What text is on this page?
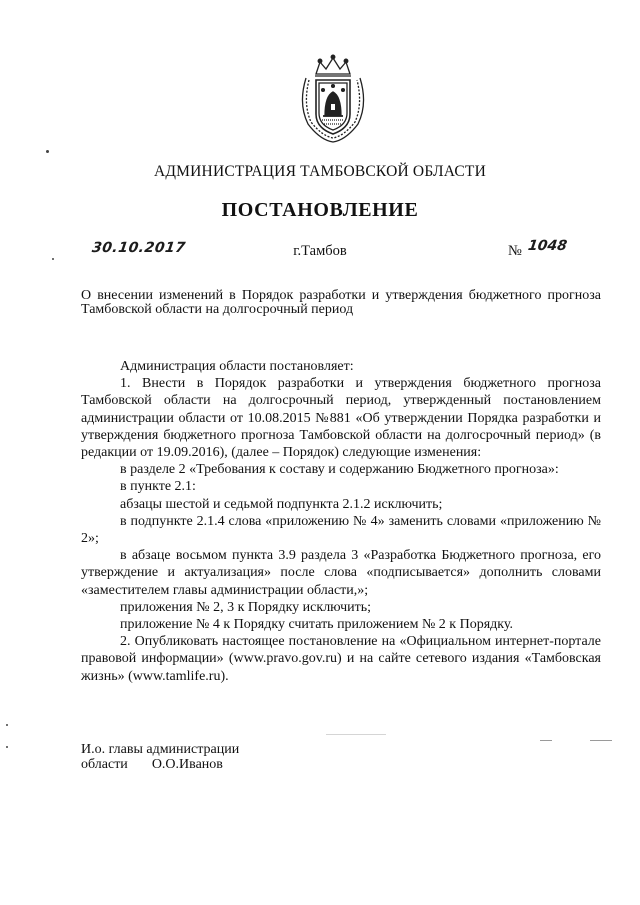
АДМИНИСТРАЦИЯ ТАМБОВСКОЙ ОБЛАСТИ
ПОСТАНОВЛЕНИЕ
30.10.2017	г.Тамбов	№ 1048
О внесении изменений в Порядок разработки и утверждения бюджетного прогноза Тамбовской области на долгосрочный период

Администрация области постановляет:

1. Внести в Порядок разработки и утверждения бюджетного прогноза Тамбовской области на долгосрочный период, утвержденный постановлением администрации области от 10.08.2015 №881 «Об утверждении Порядка разработки и утверждения бюджетного прогноза Тамбовской области на долгосрочный период» (в редакции от 19.09.2016), (далее – Порядок) следующие изменения:

в разделе 2 «Требования к составу и содержанию Бюджетного прогноза»:

в пункте 2.1:

абзацы шестой и седьмой подпункта 2.1.2 исключить;

в подпункте 2.1.4 слова «приложению № 4» заменить словами «приложению № 2»;

в абзаце восьмом пункта 3.9 раздела 3 «Разработка Бюджетного прогноза, его утверждение и актуализация» после слова «подписывается» дополнить словами «заместителем главы администрации области,»;

приложения № 2, 3 к Порядку исключить;

приложение № 4 к Порядку считать приложением № 2 к Порядку.

2. Опубликовать настоящее постановление на «Официальном интернет-портале правовой информации» (www.pravo.gov.ru) и на сайте сетевого издания «Тамбовская жизнь» (www.tamlife.ru).

И.о. главы администрации
области О.О.Иванов
